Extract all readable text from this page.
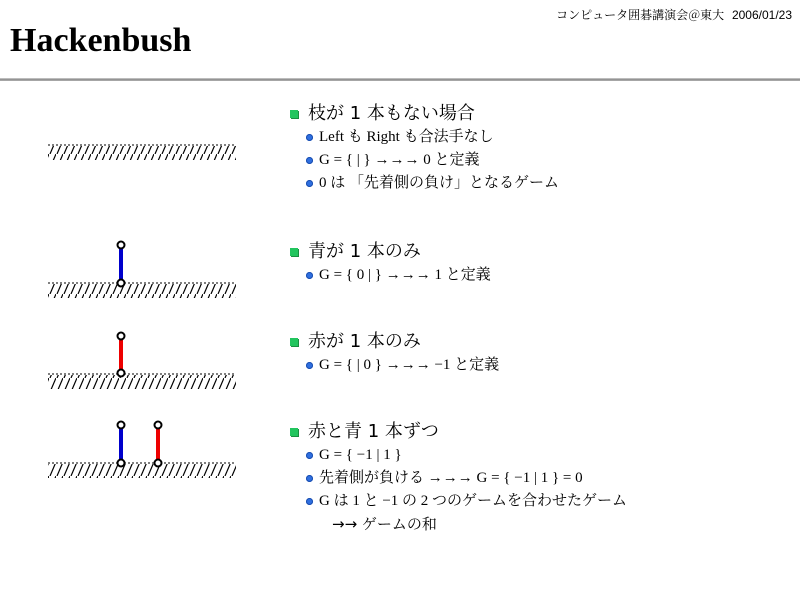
コンピュータ囲碁講演会＠東大 2006/01/23
Hackenbush
枝が 1 本もない場合
Left も Right も合法手なし
G = { | } →→→ 0 と定義
0 は 「先着側の負け」となるゲーム
青が 1 本のみ
G = { 0 | } →→→ 1 と定義
赤が 1 本のみ
G = { | 0 } →→→ −1 と定義
赤と青 1 本ずつ
G = { −1 | 1 }
先着側が負ける →→→ G = { −1 | 1 } = 0
G は 1 と −1 の 2 つのゲームを合わせたゲーム
→→ ゲームの和
